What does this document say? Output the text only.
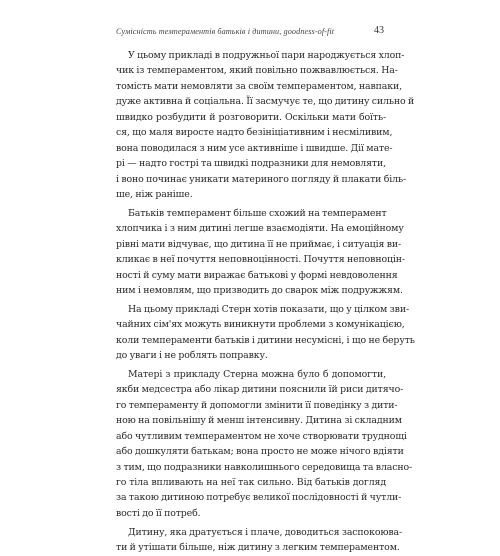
Сумісність темпераментів батьків і дитини, goodness-of-fit	43
У цьому прикладі в подружньої пари народжується хлоп-
чик із темпераментом, який повільно пожвавлюється. На-
томість мати немовляти за своїм темпераментом, навпаки,
дуже активна й соціальна. Її засмучує те, що дитину сильно й
швидко розбудити й розговорити. Оскільки мати боїть-
ся, що маля виросте надто безініціативним і несміливим,
вона поводилася з ним усе активніше і швидше. Дії мате-
рі — надто гострі та швидкі подразники для немовляти,
і воно починає уникати материного погляду й плакати біль-
ше, ніж раніше.
Батьків темперамент більше схожий на темперамент
хлопчика і з ним дитині легше взаємодіяти. На емоційному
рівні мати відчуває, що дитина її не приймає, і ситуація ви-
кликає в неї почуття неповноцінності. Почуття неповноцін-
ності й суму мати виражає батькові у формі невдоволення
ним і немовлям, що призводить до сварок між подружжям.
На цьому прикладі Стерн хотів показати, що у цілком зви-
чайних сім'ях можуть виникнути проблеми з комунікацією,
коли темпераменти батьків і дитини несумісні, і що не беруть
до уваги і не роблять поправку.
Матері з прикладу Стерна можна було б допомогти,
якби медсестра або лікар дитини пояснили їй риси дитячо-
го темпераменту й допомогли змінити її поведінку з дити-
ною на повільнішу й менш інтенсивну. Дитина зі складним
або чутливим темпераментом не хоче створювати труднощі
або дошкуляти батькам; вона просто не може нічого вдіяти
з тим, що подразники навколишнього середовища та власно-
го тіла впливають на неї так сильно. Від батьків догляд
за такою дитиною потребує великої послідовності й чутли-
вості до її потреб.
Дитину, яка дратується і плаче, доводиться заспокоюва-
ти й утішати більше, ніж дитину з легким темпераментом.
